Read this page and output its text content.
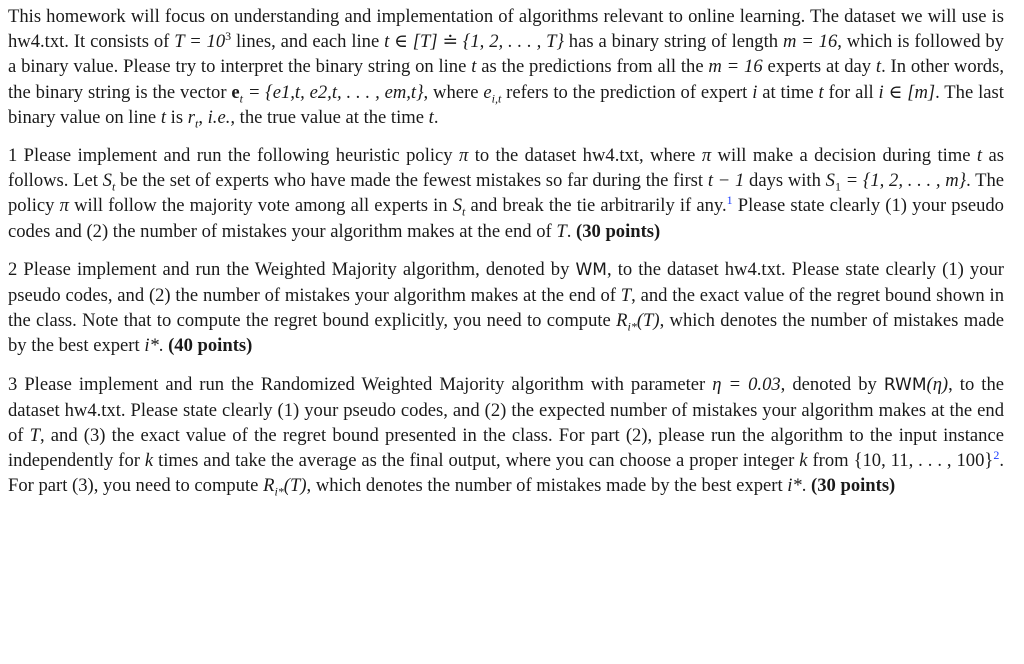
This homework will focus on understanding and implementation of algorithms relevant to online learning. The dataset we will use is hw4.txt. It consists of $T = 10^3$ lines, and each line t ∈ [T] ≐ {1, 2, . . . , T} has a binary string of length m = 16, which is followed by a binary value. Please try to interpret the binary string on line t as the predictions from all the m = 16 experts at day t. In other words, the binary string is the vector $e_t = \{e1,t$, e2,t, . . . , em,t}, where $e_{i,t}$ refers to the prediction of expert i at time t for all i ∈ [m]. The last binary value on line t is $r_t$, i.e., the true value at the time t.

1 Please implement and run the following heuristic policy π to the dataset hw4.txt, where π will make a decision during time t as follows. Let $S_t$ be the set of experts who have made the fewest mistakes so far during the first t − 1 days with $S_1 = \{1$, 2, . . . , m}. The policy π will follow the majority vote among all experts in $S_t$ and break the tie arbitrarily if any.$^1$ Please state clearly (1) your pseudo codes and (2) the number of mistakes your algorithm makes at the end of T. (30 points)

2 Please implement and run the Weighted Majority algorithm, denoted by WM, to the dataset hw4.txt. Please state clearly (1) your pseudo codes, and (2) the number of mistakes your algorithm makes at the end of T, and the exact value of the regret bound shown in the class. Note that to compute the regret bound explicitly, you need to compute $R_{i*}(T)$, which denotes the number of mistakes made by the best expert i*. (40 points)

3 Please implement and run the Randomized Weighted Majority algorithm with parameter η = 0.03, denoted by RWM(η), to the dataset hw4.txt. Please state clearly (1) your pseudo codes, and (2) the expected number of mistakes your algorithm makes at the end of T, and (3) the exact value of the regret bound presented in the class. For part (2), please run the algorithm to the input instance independently for k times and take the average as the final output, where you can choose a proper integer k from {10, 11, . . . , 100}$^2$. For part (3), you need to compute $R_{i*}(T)$, which denotes the number of mistakes made by the best expert i*. (30 points)
